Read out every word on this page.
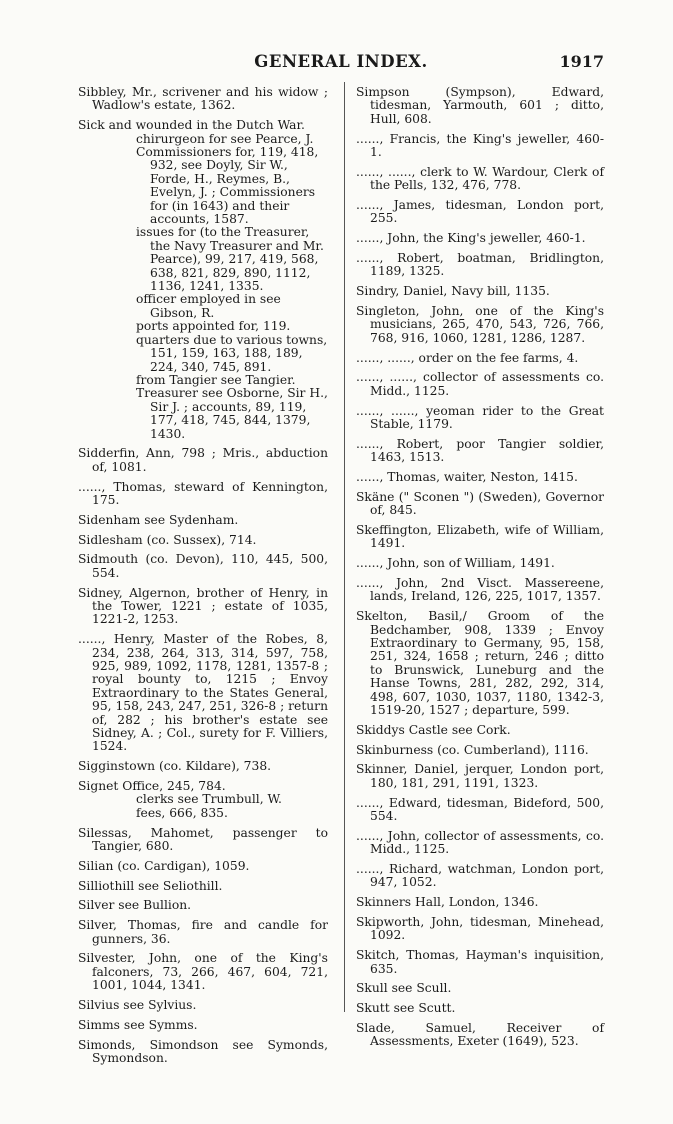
GENERAL INDEX.	1917

Sibbley, Mr., scrivener and his widow ; Wadlow's estate, 1362.

Sick and wounded in the Dutch War.

chirurgeon for see Pearce, J.

Commissioners for, 119, 418, 932, see Doyly, Sir W., Forde, H., Reymes, B., Evelyn, J. ; Commissioners for (in 1643) and their accounts, 1587.

issues for (to the Treasurer, the Navy Treasurer and Mr. Pearce), 99, 217, 419, 568, 638, 821, 829, 890, 1112, 1136, 1241, 1335.

officer employed in see Gibson, R.

ports appointed for, 119.

quarters due to various towns, 151, 159, 163, 188, 189, 224, 340, 745, 891.

from Tangier see Tangier.

Treasurer see Osborne, Sir H., Sir J. ; accounts, 89, 119, 177, 418, 745, 844, 1379, 1430.

Sidderfin, Ann, 798 ; Mris., abduction of, 1081.

......, Thomas, steward of Kennington, 175.

Sidenham see Sydenham.

Sidlesham (co. Sussex), 714.

Sidmouth (co. Devon), 110, 445, 500, 554.

Sidney, Algernon, brother of Henry, in the Tower, 1221 ; estate of 1035, 1221-2, 1253.

......, Henry, Master of the Robes, 8, 234, 238, 264, 313, 314, 597, 758, 925, 989, 1092, 1178, 1281, 1357-8 ; royal bounty to, 1215 ; Envoy Extraordinary to the States General, 95, 158, 243, 247, 251, 326-8 ; return of, 282 ; his brother's estate see Sidney, A. ; Col., surety for F. Villiers, 1524.

Sigginstown (co. Kildare), 738.

Signet Office, 245, 784.

clerks see Trumbull, W.

fees, 666, 835.

Silessas, Mahomet, passenger to Tangier, 680.

Silian (co. Cardigan), 1059.

Silliothill see Seliothill.

Silver see Bullion.

Silver, Thomas, fire and candle for gunners, 36.

Silvester, John, one of the King's falconers, 73, 266, 467, 604, 721, 1001, 1044, 1341.

Silvius see Sylvius.

Simms see Symms.

Simonds, Simondson see Symonds, Symondson.

Simpson (Sympson), Edward, tidesman, Yarmouth, 601 ; ditto, Hull, 608.

......, Francis, the King's jeweller, 460-1.

......, ......, clerk to W. Wardour, Clerk of the Pells, 132, 476, 778.

......, James, tidesman, London port, 255.

......, John, the King's jeweller, 460-1.

......, Robert, boatman, Bridlington, 1189, 1325.

Sindry, Daniel, Navy bill, 1135.

Singleton, John, one of the King's musicians, 265, 470, 543, 726, 766, 768, 916, 1060, 1281, 1286, 1287.

......, ......, order on the fee farms, 4.

......, ......, collector of assessments co. Midd., 1125.

......, ......, yeoman rider to the Great Stable, 1179.

......, Robert, poor Tangier soldier, 1463, 1513.

......, Thomas, waiter, Neston, 1415.

Skäne (" Sconen ") (Sweden), Governor of, 845.

Skeffington, Elizabeth, wife of William, 1491.

......, John, son of William, 1491.

......, John, 2nd Visct. Massereene, lands, Ireland, 126, 225, 1017, 1357.

Skelton, Basil,/ Groom of the Bedchamber, 908, 1339 ; Envoy Extraordinary to Germany, 95, 158, 251, 324, 1658 ; return, 246 ; ditto to Brunswick, Luneburg and the Hanse Towns, 281, 282, 292, 314, 498, 607, 1030, 1037, 1180, 1342-3, 1519-20, 1527 ; departure, 599.

Skiddys Castle see Cork.

Skinburness (co. Cumberland), 1116.

Skinner, Daniel, jerquer, London port, 180, 181, 291, 1191, 1323.

......, Edward, tidesman, Bideford, 500, 554.

......, John, collector of assessments, co. Midd., 1125.

......, Richard, watchman, London port, 947, 1052.

Skinners Hall, London, 1346.

Skipworth, John, tidesman, Minehead, 1092.

Skitch, Thomas, Hayman's inquisition, 635.

Skull see Scull.

Skutt see Scutt.

Slade, Samuel, Receiver of Assessments, Exeter (1649), 523.
